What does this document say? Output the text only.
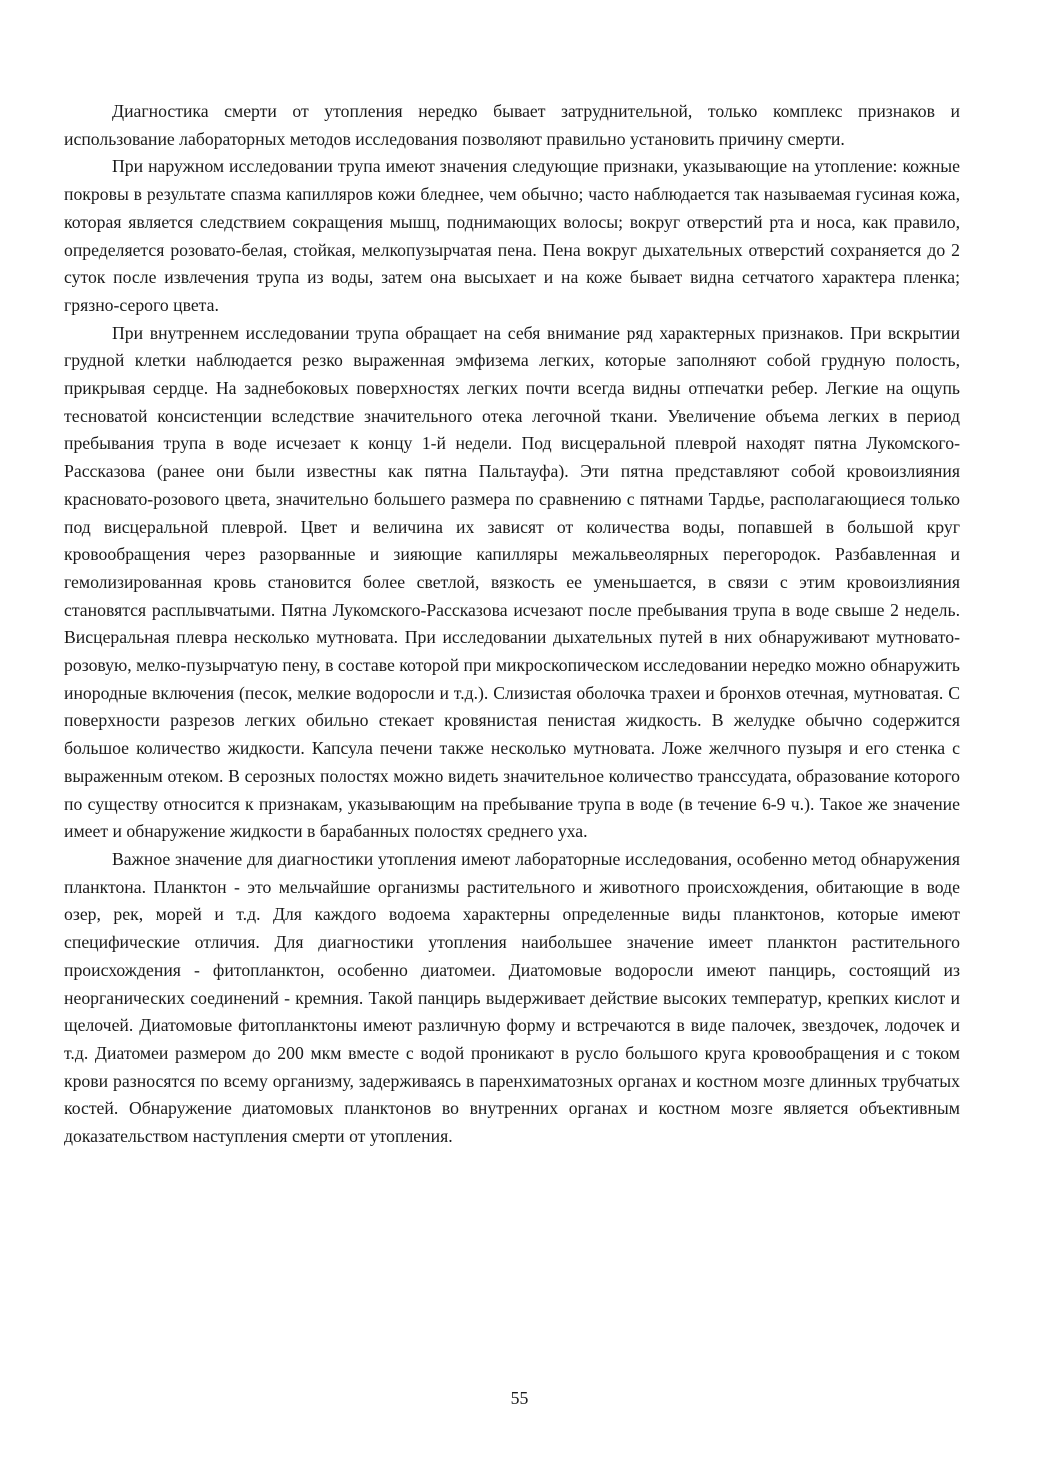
Диагностика смерти от утопления нередко бывает затруднительной, только комплекс признаков и использование лабораторных методов исследования позволяют правильно установить причину смерти.

При наружном исследовании трупа имеют значения следующие признаки, указывающие на утопление: кожные покровы в результате спазма капилляров кожи бледнее, чем обычно; часто наблюдается так называемая гусиная кожа, которая является следствием сокращения мышц, поднимающих волосы; вокруг отверстий рта и носа, как правило, определяется розовато-белая, стойкая, мелкопузырчатая пена. Пена вокруг дыхательных отверстий сохраняется до 2 суток после извлечения трупа из воды, затем она высыхает и на коже бывает видна сетчатого характера пленка; грязно-серого цвета.

При внутреннем исследовании трупа обращает на себя внимание ряд характерных признаков. При вскрытии грудной клетки наблюдается резко выраженная эмфизема легких, которые заполняют собой грудную полость, прикрывая сердце. На заднебоковых поверхностях легких почти всегда видны отпечатки ребер. Легкие на ощупь тесноватой консистенции вследствие значительного отека легочной ткани. Увеличение объема легких в период пребывания трупа в воде исчезает к концу 1-й недели. Под висцеральной плеврой находят пятна Лукомского-Рассказова (ранее они были известны как пятна Пальтауфа). Эти пятна представляют собой кровоизлияния красновато-розового цвета, значительно большего размера по сравнению с пятнами Тардье, располагающиеся только под висцеральной плеврой. Цвет и величина их зависят от количества воды, попавшей в большой круг кровообращения через разорванные и зияющие капилляры межальвеолярных перегородок. Разбавленная и гемолизированная кровь становится более светлой, вязкость ее уменьшается, в связи с этим кровоизлияния становятся расплывчатыми. Пятна Лукомского-Рассказова исчезают после пребывания трупа в воде свыше 2 недель. Висцеральная плевра несколько мутновата. При исследовании дыхательных путей в них обнаруживают мутновато-розовую, мелко-пузырчатую пену, в составе которой при микроскопическом исследовании нередко можно обнаружить инородные включения (песок, мелкие водоросли и т.д.). Слизистая оболочка трахеи и бронхов отечная, мутноватая. С поверхности разрезов легких обильно стекает кровянистая пенистая жидкость. В желудке обычно содержится большое количество жидкости. Капсула печени также несколько мутновата. Ложе желчного пузыря и его стенка с выраженным отеком. В серозных полостях можно видеть значительное количество транссудата, образование которого по существу относится к признакам, указывающим на пребывание трупа в воде (в течение 6-9 ч.). Такое же значение имеет и обнаружение жидкости в барабанных полостях среднего уха.

Важное значение для диагностики утопления имеют лабораторные исследования, особенно метод обнаружения планктона. Планктон - это мельчайшие организмы растительного и животного происхождения, обитающие в воде озер, рек, морей и т.д. Для каждого водоема характерны определенные виды планктонов, которые имеют специфические отличия. Для диагностики утопления наибольшее значение имеет планктон растительного происхождения - фитопланктон, особенно диатомеи. Диатомовые водоросли имеют панцирь, состоящий из неорганических соединений - кремния. Такой панцирь выдерживает действие высоких температур, крепких кислот и щелочей. Диатомовые фитопланктоны имеют различную форму и встречаются в виде палочек, звездочек, лодочек и т.д. Диатомеи размером до 200 мкм вместе с водой проникают в русло большого круга кровообращения и с током крови разносятся по всему организму, задерживаясь в паренхиматозных органах и костном мозге длинных трубчатых костей. Обнаружение диатомовых планктонов во внутренних органах и костном мозге является объективным доказательством наступления смерти от утопления.

55
